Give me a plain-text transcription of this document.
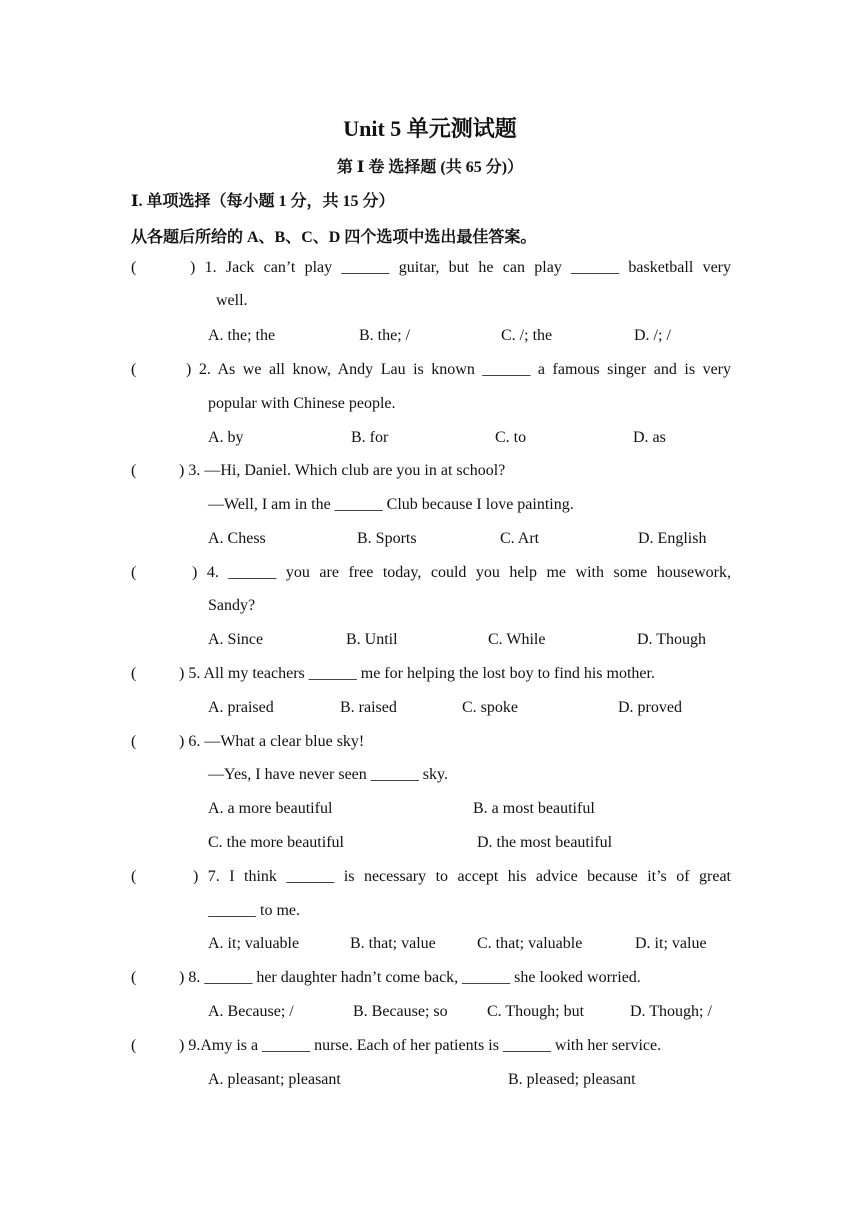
Unit 5 单元测试题
第 Ⅰ 卷 选择题 (共 65 分)）
Ⅰ. 单项选择（每小题 1 分，共 15 分）
从各题后所给的 A、B、C、D 四个选项中选出最佳答案。
(	) 1. Jack can’t play ______ guitar, but he can play ______ basketball very
well.
A. the; the	B. the; /	C. /; the	D. /; /
(	) 2. As we all know, Andy Lau is known ______ a famous singer and is very
popular with Chinese people.
A. by	B. for	C. to	D. as
(	) 3. —Hi, Daniel. Which club are you in at school?
—Well, I am in the ______ Club because I love painting.
A. Chess	B. Sports	C. Art	D. English
(	) 4. ______ you are free today, could you help me with some housework,
Sandy?
A. Since	B. Until	C. While	D. Though
(	) 5. All my teachers ______ me for helping the lost boy to find his mother.
A. praised	B. raised	C. spoke	D. proved
(	) 6. —What a clear blue sky!
—Yes, I have never seen ______ sky.
A. a more beautiful	B. a most beautiful
C. the more beautiful	D. the most beautiful
(	) 7. I think ______ is necessary to accept his advice because it’s of great
______ to me.
A. it; valuable	B. that; value	C. that; valuable	D. it; value
(	) 8. ______ her daughter hadn’t come back, ______ she looked worried.
A. Because; /	B. Because; so C. Though; but	D. Though; /
(	) 9.Amy is a ______ nurse. Each of her patients is ______ with her service.
A. pleasant; pleasant	B. pleased; pleasant
